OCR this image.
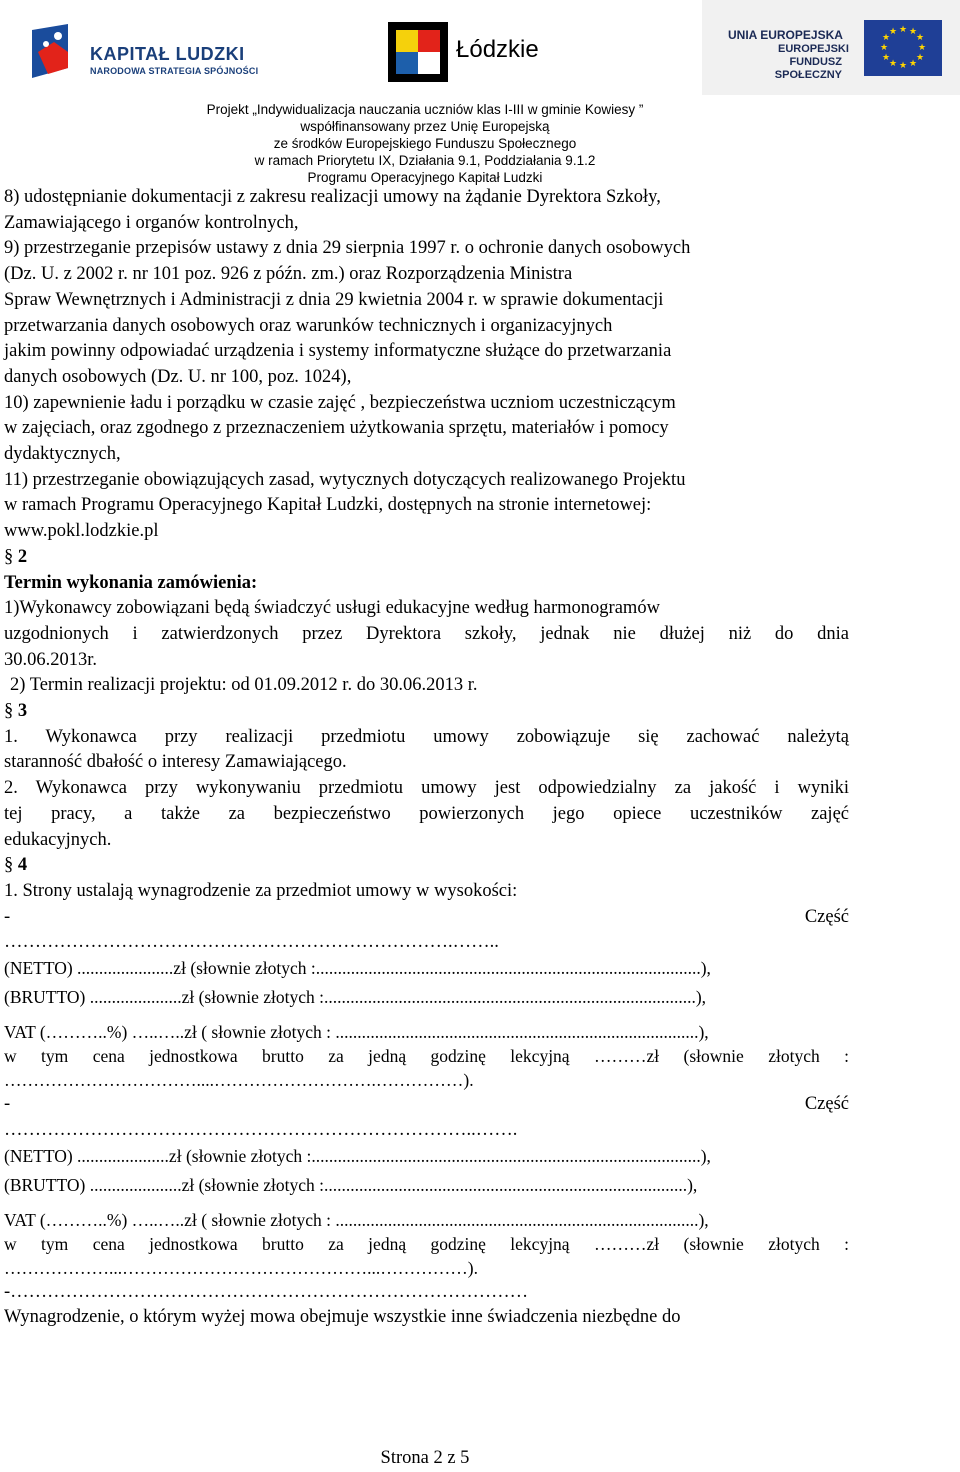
KAPITAŁ LUDZKI
NARODOWA STRATEGIA SPÓJNOŚCI
Łódzkie
UNIA EUROPEJSKA
EUROPEJSKI
FUNDUSZ SPOŁECZNY
★ ★
★
★
★
★
★
★
★
★
★
★
Projekt „Indywidualizacja nauczania uczniów klas I-III w gminie Kowiesy ”
współfinansowany przez Unię Europejską
ze środków Europejskiego Funduszu Społecznego
w ramach Priorytetu IX, Działania 9.1, Poddziałania 9.1.2
Programu Operacyjnego Kapitał Ludzki

8) udostępnianie dokumentacji z zakresu realizacji umowy na żądanie Dyrektora Szkoły,

Zamawiającego i organów kontrolnych,

9) przestrzeganie przepisów ustawy z dnia 29 sierpnia 1997 r. o ochronie danych osobowych

(Dz. U. z 2002 r. nr 101 poz. 926 z późn. zm.) oraz Rozporządzenia Ministra

Spraw Wewnętrznych i Administracji z dnia 29 kwietnia 2004 r. w sprawie dokumentacji

przetwarzania danych osobowych oraz warunków technicznych i organizacyjnych

jakim powinny odpowiadać urządzenia i systemy informatyczne służące do przetwarzania

danych osobowych (Dz. U. nr 100, poz. 1024),

10) zapewnienie ładu i porządku w czasie zajęć , bezpieczeństwa uczniom uczestniczącym

w zajęciach, oraz zgodnego z przeznaczeniem użytkowania sprzętu, materiałów i pomocy

dydaktycznych,

11) przestrzeganie obowiązujących zasad, wytycznych dotyczących realizowanego Projektu

w ramach Programu Operacyjnego Kapitał Ludzki, dostępnych na stronie internetowej:

www.pokl.lodzkie.pl

§ 2

Termin wykonania zamówienia:

1)Wykonawcy zobowiązani będą świadczyć usługi edukacyjne według harmonogramów

uzgodnionych i zatwierdzonych przez Dyrektora szkoły, jednak nie dłużej niż do dnia

30.06.2013r.

2) Termin realizacji projektu: od 01.09.2012 r. do 30.06.2013 r.

§ 3

1. Wykonawca przy realizacji przedmiotu umowy zobowiązuje się zachować należytą

staranność dbałość o interesy Zamawiającego.

2. Wykonawca przy wykonywaniu przedmiotu umowy jest odpowiedzialny za jakość i wyniki

tej pracy, a także za bezpieczeństwo powierzonych jego opiece uczestników zajęć

edukacyjnych.

§ 4

1. Strony ustalają wynagrodzenie za przedmiot umowy w wysokości:

-	Część

……………………………………………………………….……..

(NETTO) ......................zł (słownie złotych :........................................................................................),

(BRUTTO) .....................zł (słownie złotych :.....................................................................................),

VAT (………..%) …..…..zł ( słownie złotych : ...................................................................................),

w tym cena jednostkowa brutto za jedną godzinę lekcyjną ………zł (słownie złotych :

……………………………....……………………….……………).

-	Część

…………………………………………………………………..…….

(NETTO) .....................zł (słownie złotych :.........................................................................................),

(BRUTTO) .....................zł (słownie złotych :...................................................................................),

VAT (………..%) …..…..zł ( słownie złotych : ...................................................................................),

w tym cena jednostkowa brutto za jedną godzinę lekcyjną ………zł (słownie złotych :

………………...……………………………………...……………).

-…………………………………………………………………………

Wynagrodzenie, o którym wyżej mowa obejmuje wszystkie inne świadczenia niezbędne do

Strona 2 z 5
